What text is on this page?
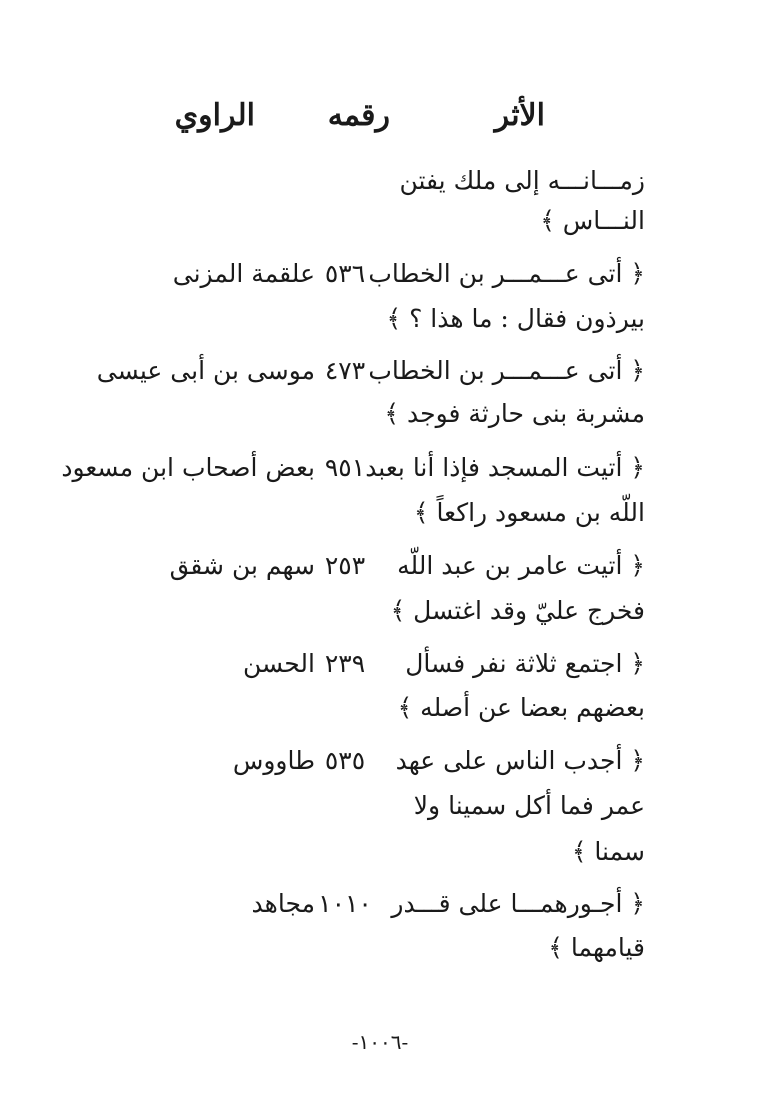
الأثر
رقمه
الراوي
زمـــانـــه إلى ملك يفتن
النـــاس ﴾
﴿ أتى عـــمـــر بن الخطاب
٥٣٦
علقمة المزنى
بيرذون فقال : ما هذا ؟ ﴾
﴿ أتى عـــمـــر بن الخطاب
٤٧٣
موسى بن أبى عيسى
مشربة بنى حارثة فوجد ﴾
﴿ أتيت المسجد فإذا أنا بعبد
٩٥١
بعض أصحاب ابن مسعود
اللّه بن مسعود راكعاً ﴾
﴿ أتيت عامر بن عبد اللّه
٢٥٣
سهم بن شقق
فخرج عليّ وقد اغتسل ﴾
﴿ اجتمع ثلاثة نفر فسأل
٢٣٩
الحسن
بعضهم بعضا عن أصله ﴾
﴿ أجدب الناس على عهد
٥٣٥
طاووس
عمر فما أكل سمينا ولا
سمنا ﴾
﴿ أجـورهمـــا على قـــدر
١٠١٠
مجاهد
قيامهما ﴾
-١٠٠٦-
